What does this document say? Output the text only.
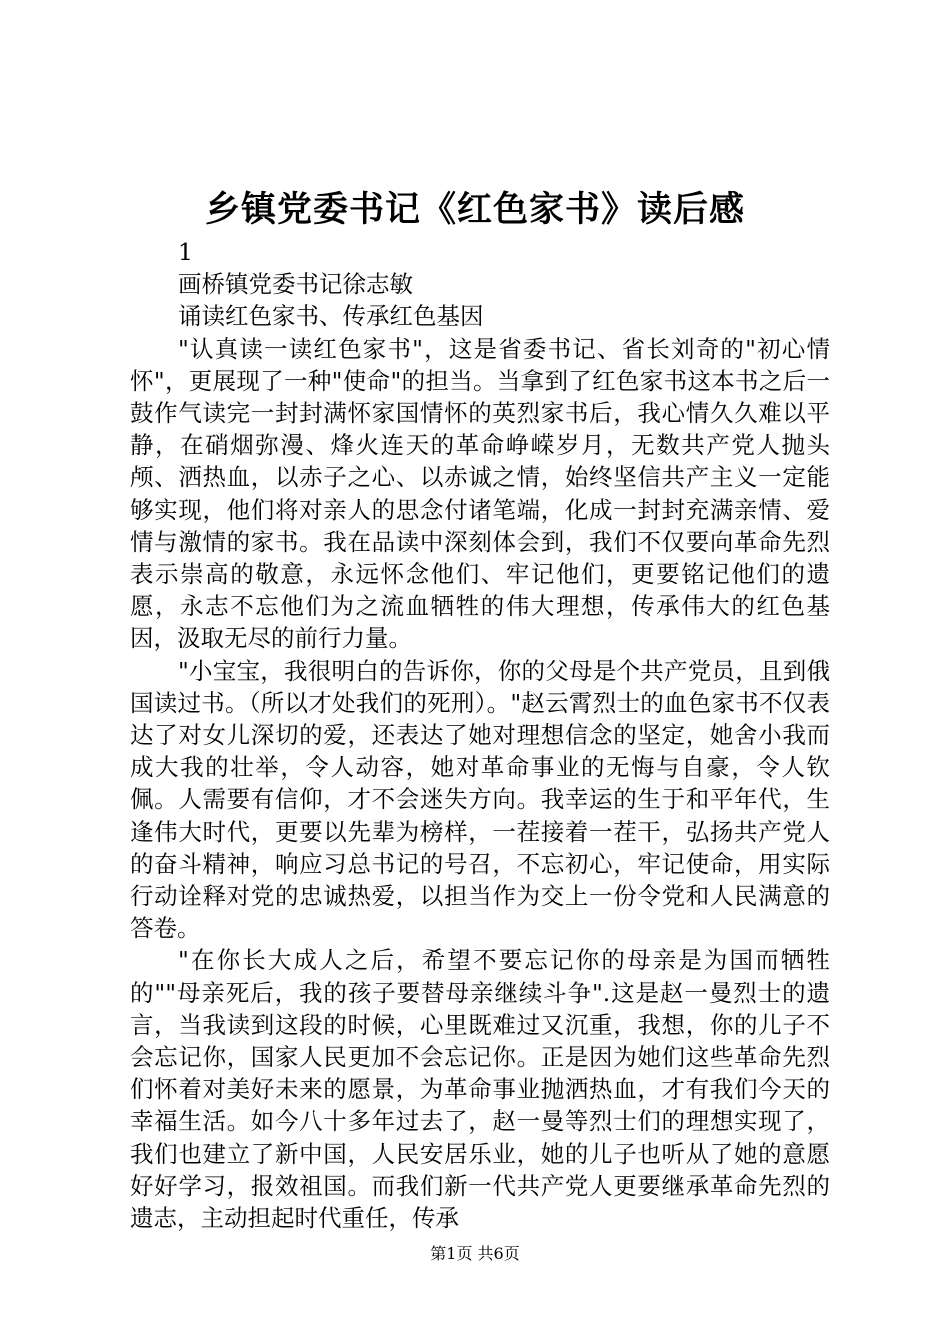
乡镇党委书记《红色家书》读后感

1

画桥镇党委书记徐志敏

诵读红色家书、传承红色基因

"认真读一读红色家书"，这是省委书记、省长刘奇的"初心情怀"，更展现了一种"使命"的担当。当拿到了红色家书这本书之后一鼓作气读完一封封满怀家国情怀的英烈家书后，我心情久久难以平静，在硝烟弥漫、烽火连天的革命峥嵘岁月，无数共产党人抛头颅、洒热血，以赤子之心、以赤诚之情，始终坚信共产主义一定能够实现，他们将对亲人的思念付诸笔端，化成一封封充满亲情、爱情与激情的家书。我在品读中深刻体会到，我们不仅要向革命先烈表示崇高的敬意，永远怀念他们、牢记他们，更要铭记他们的遗愿，永志不忘他们为之流血牺牲的伟大理想，传承伟大的红色基因，汲取无尽的前行力量。

"小宝宝，我很明白的告诉你，你的父母是个共产党员，且到俄国读过书。（所以才处我们的死刑）。"赵云霄烈士的血色家书不仅表达了对女儿深切的爱，还表达了她对理想信念的坚定，她舍小我而成大我的壮举，令人动容，她对革命事业的无悔与自豪，令人钦佩。人需要有信仰，才不会迷失方向。我幸运的生于和平年代，生逢伟大时代，更要以先辈为榜样，一茬接着一茬干，弘扬共产党人的奋斗精神，响应习总书记的号召，不忘初心，牢记使命，用实际行动诠释对党的忠诚热爱，以担当作为交上一份令党和人民满意的答卷。

"在你长大成人之后，希望不要忘记你的母亲是为国而牺牲的""母亲死后，我的孩子要替母亲继续斗争".这是赵一曼烈士的遗言，当我读到这段的时候，心里既难过又沉重，我想，你的儿子不会忘记你，国家人民更加不会忘记你。正是因为她们这些革命先烈们怀着对美好未来的愿景，为革命事业抛洒热血，才有我们今天的幸福生活。如今八十多年过去了，赵一曼等烈士们的理想实现了，我们也建立了新中国，人民安居乐业，她的儿子也听从了她的意愿好好学习，报效祖国。而我们新一代共产党人更要继承革命先烈的遗志，主动担起时代重任，传承

第1页 共6页
